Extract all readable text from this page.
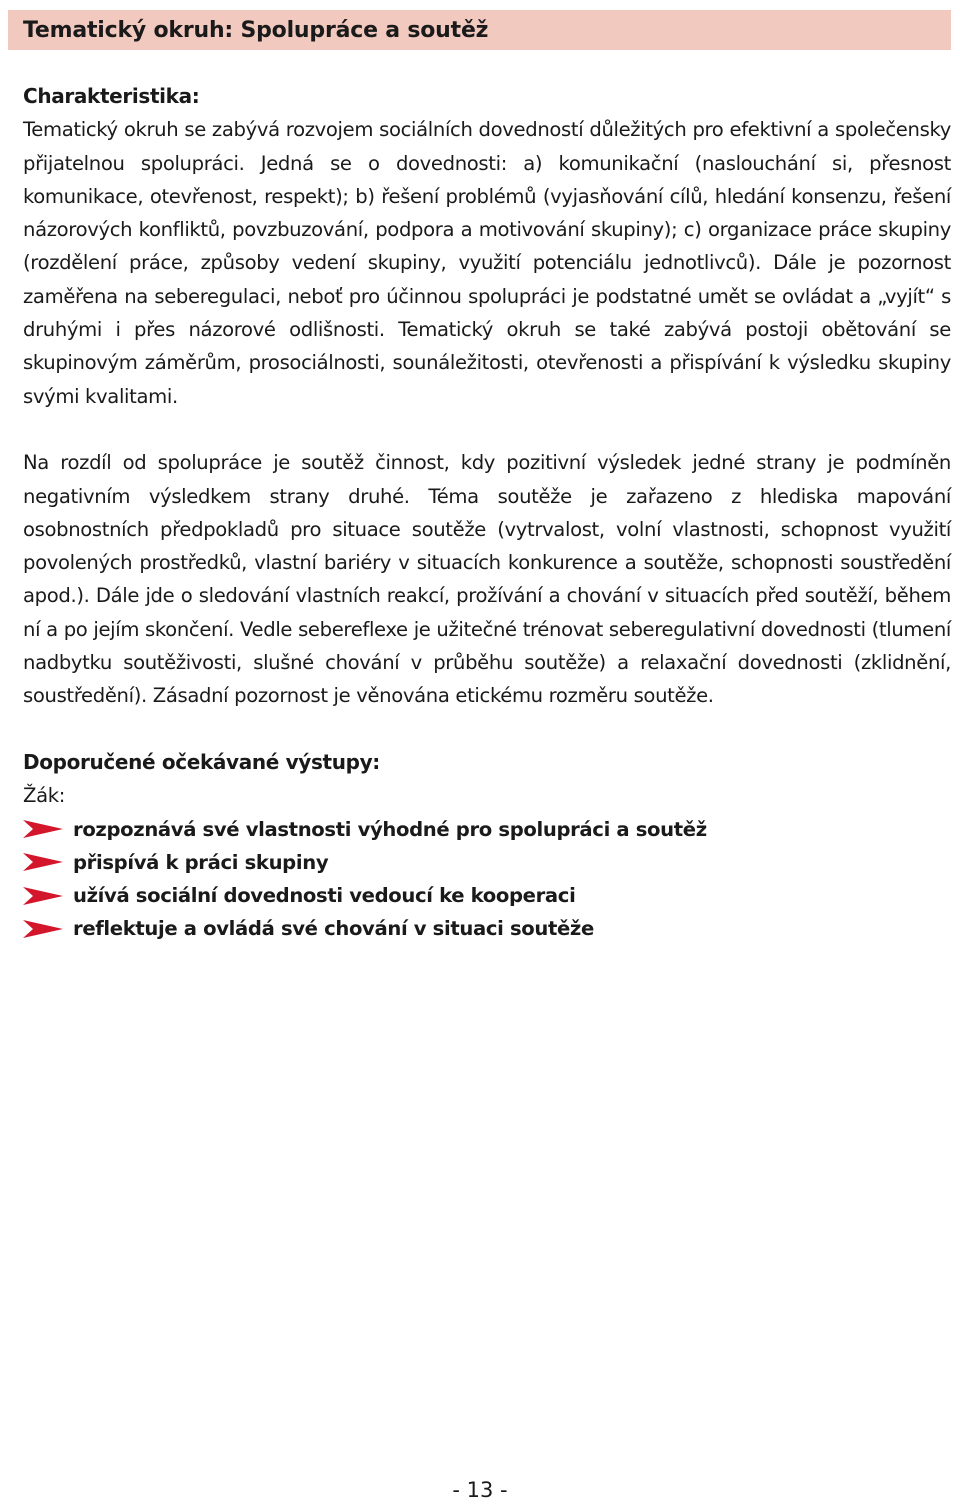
Tematický okruh: Spolupráce a soutěž

Charakteristika:

Tematický okruh se zabývá rozvojem sociálních dovedností důležitých pro efektivní a společensky přijatelnou spolupráci. Jedná se o dovednosti: a) komunikační (naslouchání si, přesnost komunikace, otevřenost, respekt); b) řešení problémů (vyjasňování cílů, hledání konsenzu, řešení názorových konfliktů, povzbuzování, podpora a motivování skupiny); c) organizace práce skupiny (rozdělení práce, způsoby vedení skupiny, využití potenciálu jednotlivců). Dále je pozornost zaměřena na seberegulaci, neboť pro účinnou spolupráci je podstatné umět se ovládat a „vyjít“ s druhými i přes názorové odlišnosti. Tematický okruh se také zabývá postoji obětování se skupinovým záměrům, prosociálnosti, sounáležitosti, otevřenosti a přispívání k výsledku skupiny svými kvalitami.

Na rozdíl od spolupráce je soutěž činnost, kdy pozitivní výsledek jedné strany je podmíněn negativním výsledkem strany druhé. Téma soutěže je zařazeno z hlediska mapování osobnostních předpokladů pro situace soutěže (vytrvalost, volní vlastnosti, schopnost využití povolených prostředků, vlastní bariéry v situacích konkurence a soutěže, schopnosti soustředění apod.). Dále jde o sledování vlastních reakcí, prožívání a chování v situacích před soutěží, během ní a po jejím skončení. Vedle sebereflexe je užitečné trénovat seberegulativní dovednosti (tlumení nadbytku soutěživosti, slušné chování v průběhu soutěže) a relaxační dovednosti (zklidnění, soustředění). Zásadní pozornost je věnována etickému rozměru soutěže.

Doporučené očekávané výstupy:

Žák:

rozpoznává své vlastnosti výhodné pro spolupráci a soutěž
přispívá k práci skupiny
užívá sociální dovednosti vedoucí ke kooperaci
reflektuje a ovládá své chování v situaci soutěže
- 13 -
